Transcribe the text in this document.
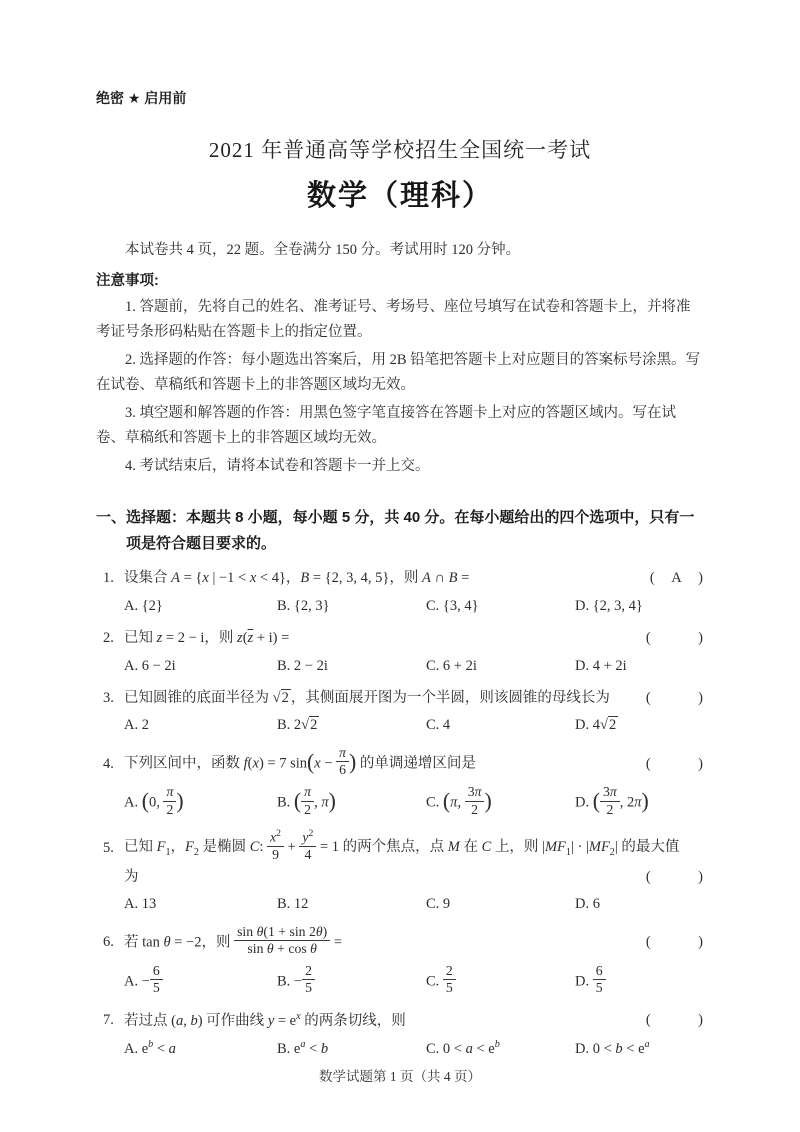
绝密 ★ 启用前
2021 年普通高等学校招生全国统一考试
数学（理科）
本试卷共 4 页，22 题。全卷满分 150 分。考试用时 120 分钟。
注意事项:

1. 答题前，先将自己的姓名、准考证号、考场号、座位号填写在试卷和答题卡上，并将准考证号条形码粘贴在答题卡上的指定位置。

2. 选择题的作答：每小题选出答案后，用 2B 铅笔把答题卡上对应题目的答案标号涂黑。写在试卷、草稿纸和答题卡上的非答题区域均无效。

3. 填空题和解答题的作答：用黑色签字笔直接答在答题卡上对应的答题区域内。写在试卷、草稿纸和答题卡上的非答题区域均无效。

4. 考试结束后，请将本试卷和答题卡一并上交。

一、选择题：本题共 8 小题，每小题 5 分，共 40 分。在每小题给出的四个选项中，只有一项是符合题目要求的。
1. 设集合 A = {x | −1 < x < 4}，B = {2, 3, 4, 5}，则 A ∩ B =	( A )
A. {2}	B. {2, 3}	C. {3, 4}	D. {2, 3, 4}
2. 已知 z = 2 − i，则 $z(\overline{z} + i)$ =	(   )
A. 6 − 2i	B. 2 − 2i	C. 6 + 2i	D. 4 + 2i
3. 已知圆锥的底面半径为 √2 ，其侧面展开图为一个半圆，则该圆锥的母线长为	(   )
A. 2	B. 2√2	C. 4	D. 4√2
4. 下列区间中，函数 f(x) = 7 $\sin(x - \frac{\pi}{6}$ ) 的单调递增区间是	(   )
A. (0, $\frac{\pi}{2}$ )	B. ( $\frac{\pi}{2}$ , π)	C. (π, $\frac{3\pi}{2}$ )	D. ( $\frac{3\pi}{2}$ , 2π)
5. 已知 $F_1$，$F_2$ 是椭圆 C: $\frac{x^2}{9} + \frac{y^2}{4} = 1$ 的两个焦点，点 M 在 C 上，则 $|MF_1| \cdot |MF_2|$ 的最大值
为	(   )
A. 13	B. 12	C. 9	D. 6
6. 若 tan θ = −2，则 $\frac{\text{sin θ(1 + sin 2θ)}}{\text{sin θ + cos θ}}$ =	(   )
A. − $\frac{6}{5}$	B. − $\frac{2}{5}$	C. $\frac{2}{5}$	D. $\frac{6}{5}$
7. 若过点 (a, b) 可作曲线 $y = e^x$ 的两条切线，则	(   )
A. $e^b < a$	B. $e^a < b$	C. $0 < a < e^b$	D. $0 < b < e^a$
数学试题第 1 页（共 4 页）
